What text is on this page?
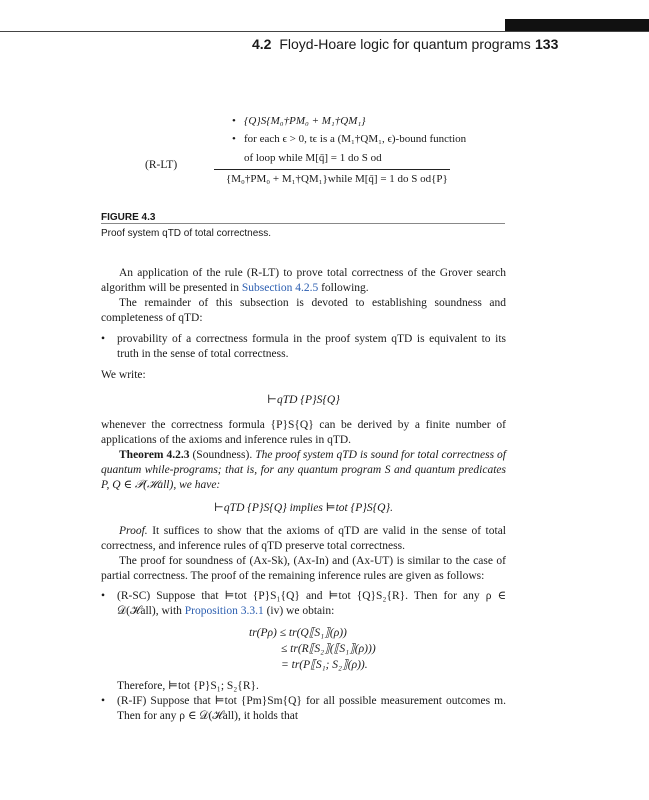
4.2 Floyd-Hoare logic for quantum programs 133
• {Q}S{M₀†PM₀ + M₁†QM₁}
• for each ϵ > 0, tϵ is a (M₁†QM₁, ϵ)-bound function
of loop while M[q̄] = 1 do S od
(R-LT)
{M₀†PM₀ + M₁†QM₁}while M[q̄] = 1 do S od{P}
FIGURE 4.3
Proof system qTD of total correctness.

An application of the rule (R-LT) to prove total correctness of the Grover search algorithm will be presented in Subsection 4.2.5 following.

The remainder of this subsection is devoted to establishing soundness and completeness of qTD:

• provability of a correctness formula in the proof system qTD is equivalent to its truth in the sense of total correctness.

We write:

⊢qTD {P}S{Q}

whenever the correctness formula {P}S{Q} can be derived by a finite number of applications of the axioms and inference rules in qTD.

Theorem 4.2.3 (Soundness). The proof system qTD is sound for total correctness of quantum while-programs; that is, for any quantum program S and quantum predicates P, Q ∈ 𝒫(ℋall), we have:

⊢qTD {P}S{Q} implies ⊨tot {P}S{Q}.

Proof. It suffices to show that the axioms of qTD are valid in the sense of total correctness, and inference rules of qTD preserve total correctness.

The proof for soundness of (Ax-Sk), (Ax-In) and (Ax-UT) is similar to the case of partial correctness. The proof of the remaining inference rules are given as follows:

• (R-SC) Suppose that ⊨tot {P}S₁{Q} and ⊨tot {Q}S₂{R}. Then for any ρ ∈ 𝒟(ℋall), with Proposition 3.3.1 (iv) we obtain:

tr(Pρ) ≤ tr(Q⟦S₁⟧(ρ))
≤ tr(R⟦S₂⟧(⟦S₁⟧(ρ)))
= tr(P⟦S₁; S₂⟧(ρ)).

Therefore, ⊨tot {P}S₁; S₂{R}.

• (R-IF) Suppose that ⊨tot {Pm}Sm{Q} for all possible measurement outcomes m. Then for any ρ ∈ 𝒟(ℋall), it holds that
